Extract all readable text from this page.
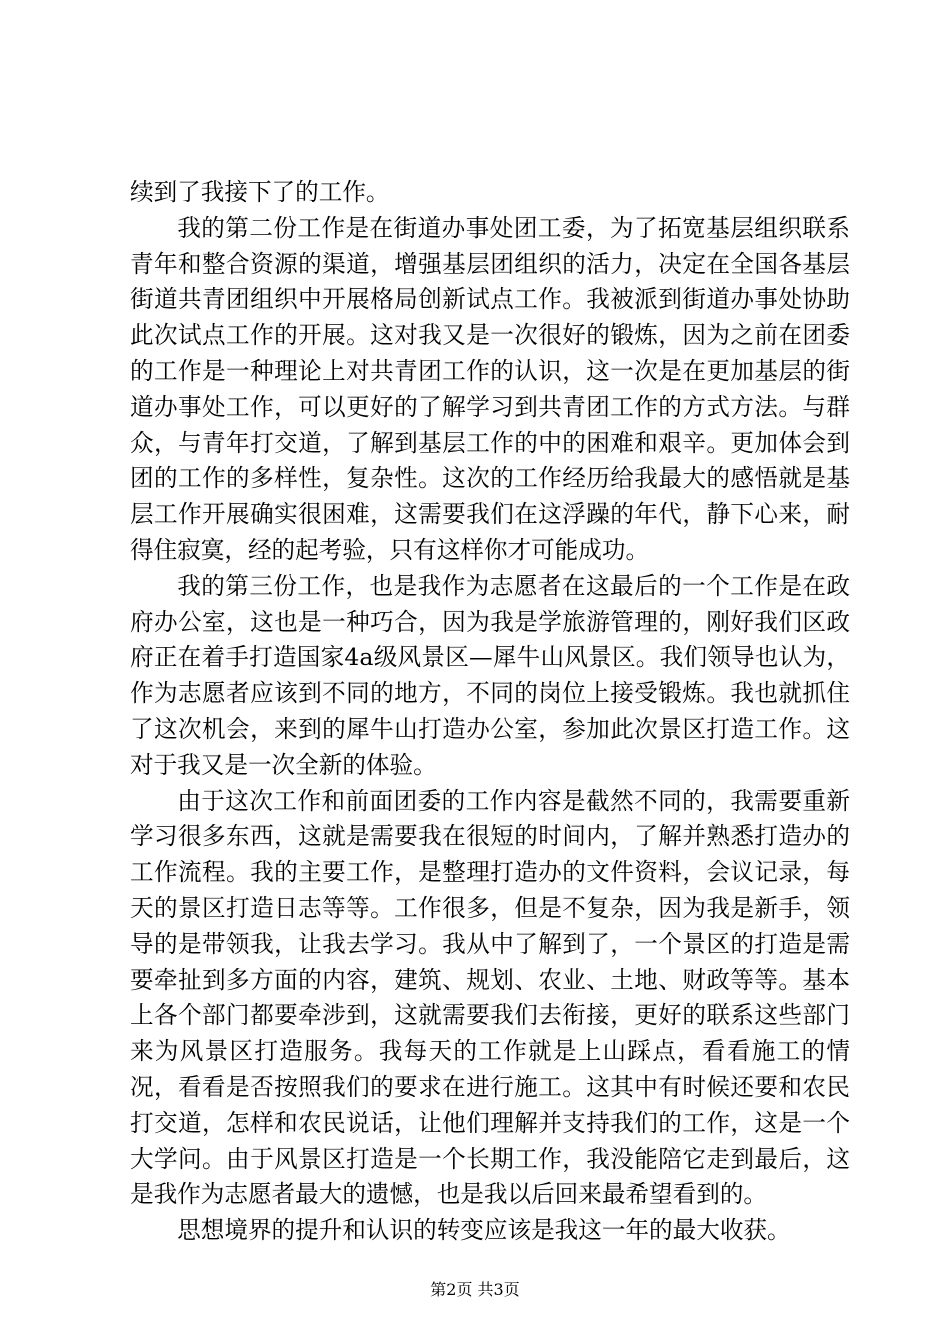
续到了我接下了的工作。

我的第二份工作是在街道办事处团工委，为了拓宽基层组织联系青年和整合资源的渠道，增强基层团组织的活力，决定在全国各基层街道共青团组织中开展格局创新试点工作。我被派到街道办事处协助此次试点工作的开展。这对我又是一次很好的锻炼，因为之前在团委的工作是一种理论上对共青团工作的认识，这一次是在更加基层的街道办事处工作，可以更好的了解学习到共青团工作的方式方法。与群众，与青年打交道，了解到基层工作的中的困难和艰辛。更加体会到团的工作的多样性，复杂性。这次的工作经历给我最大的感悟就是基层工作开展确实很困难，这需要我们在这浮躁的年代，静下心来，耐得住寂寞，经的起考验，只有这样你才可能成功。

我的第三份工作，也是我作为志愿者在这最后的一个工作是在政府办公室，这也是一种巧合，因为我是学旅游管理的，刚好我们区政府正在着手打造国家4a级风景区—犀牛山风景区。我们领导也认为，作为志愿者应该到不同的地方，不同的岗位上接受锻炼。我也就抓住了这次机会，来到的犀牛山打造办公室，参加此次景区打造工作。这对于我又是一次全新的体验。

由于这次工作和前面团委的工作内容是截然不同的，我需要重新学习很多东西，这就是需要我在很短的时间内，了解并熟悉打造办的工作流程。我的主要工作，是整理打造办的文件资料，会议记录，每天的景区打造日志等等。工作很多，但是不复杂，因为我是新手，领导的是带领我，让我去学习。我从中了解到了，一个景区的打造是需要牵扯到多方面的内容，建筑、规划、农业、土地、财政等等。基本上各个部门都要牵涉到，这就需要我们去衔接，更好的联系这些部门来为风景区打造服务。我每天的工作就是上山踩点，看看施工的情况，看看是否按照我们的要求在进行施工。这其中有时候还要和农民打交道，怎样和农民说话，让他们理解并支持我们的工作，这是一个大学问。由于风景区打造是一个长期工作，我没能陪它走到最后，这是我作为志愿者最大的遗憾，也是我以后回来最希望看到的。

思想境界的提升和认识的转变应该是我这一年的最大收获。

第2页 共3页
